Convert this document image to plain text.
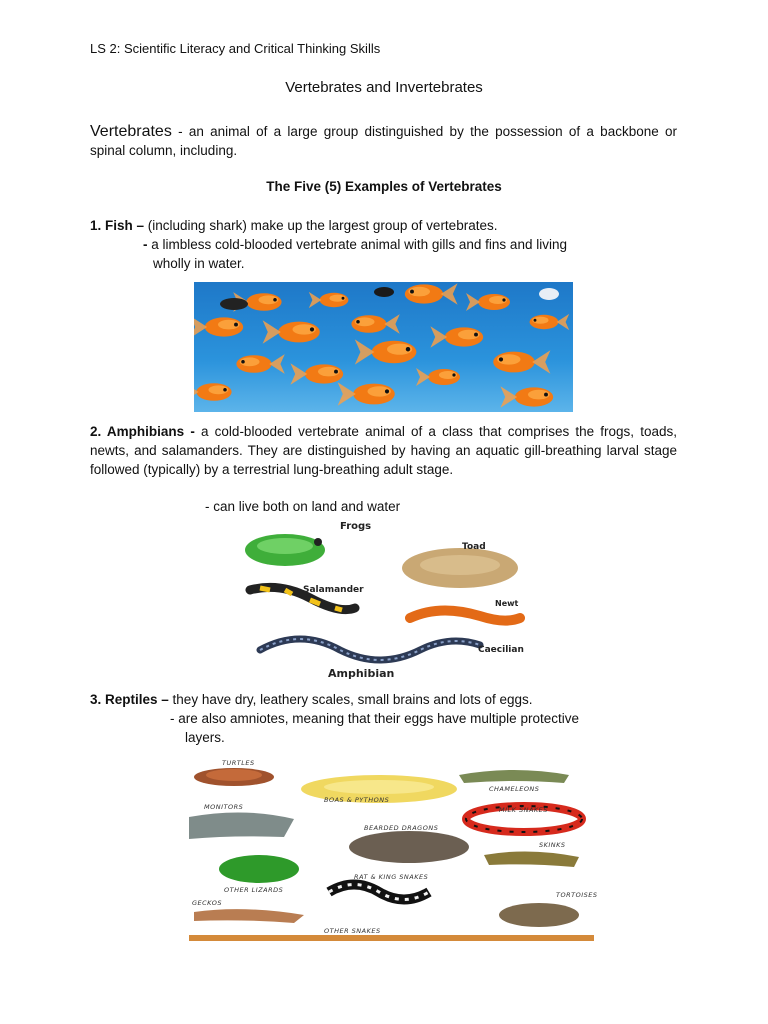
LS 2: Scientific Literacy and Critical Thinking Skills
Vertebrates and Invertebrates
Vertebrates - an animal of a large group distinguished by the possession of a backbone or spinal column, including.
The Five (5) Examples of Vertebrates
1. Fish – (including shark) make up the largest group of vertebrates.
- a limbless cold-blooded vertebrate animal with gills and fins and living
wholly in water.
2. Amphibians - a cold-blooded vertebrate animal of a class that comprises the frogs, toads, newts, and salamanders. They are distinguished by having an aquatic gill-breathing larval stage followed (typically) by a terrestrial lung-breathing adult stage.
- can live both on land and water
Frogs
Toad
Salamander
Newt
Caecilian
Amphibian
3. Reptiles – they have dry, leathery scales, small brains and lots of eggs.
- are also amniotes, meaning that their eggs have multiple protective
layers.
TURTLES
BOAS & PYTHONS
CHAMELEONS
MONITORS
BEARDED DRAGONS
MILK SNAKES
SKINKS
OTHER LIZARDS
RAT & KING SNAKES
GECKOS
TORTOISES
OTHER SNAKES
